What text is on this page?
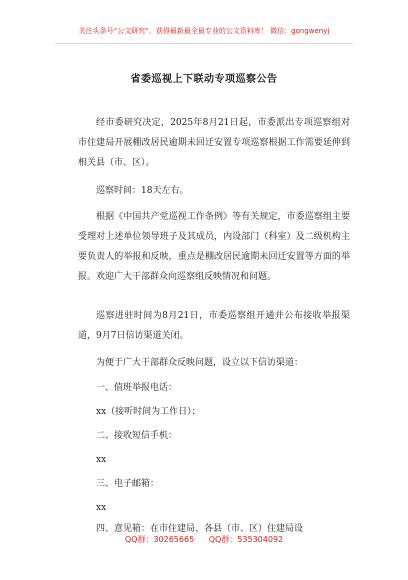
关注头条号“公文研究”，获得最新最全最专业的公文资料库！ 微信：gongwenyj
省委巡视上下联动专项巡察公告
经市委研究决定，2025年8月21日起，市委派出专项巡察组对市住建局开展棚改居民逾期未回迁安置专项巡察根据工作需要延伸到相关县（市、区）。
巡察时间：18天左右。
根据《中国共产党巡视工作条例》等有关规定，市委巡察组主要受理对上述单位领导班子及其成员，内设部门（科室）及二级机构主要负责人的举报和反映，重点是棚改居民逾期未回迁安置等方面的举报。欢迎广大干部群众向巡察组反映情况和问题。
巡察进驻时间为8月21日，市委巡察组开通并公布接收举报渠道，9月7日信访渠道关闭。
为便于广大干部群众反映问题，设立以下信访渠道：
一、值班举报电话：
xx（接听时间为工作日）；
二、接收短信手机：
xx
三、电子邮箱：
xx
四、意见箱：在市住建局、各县（市、区）住建局设
QQ群：30265665 QQ群：535304092
